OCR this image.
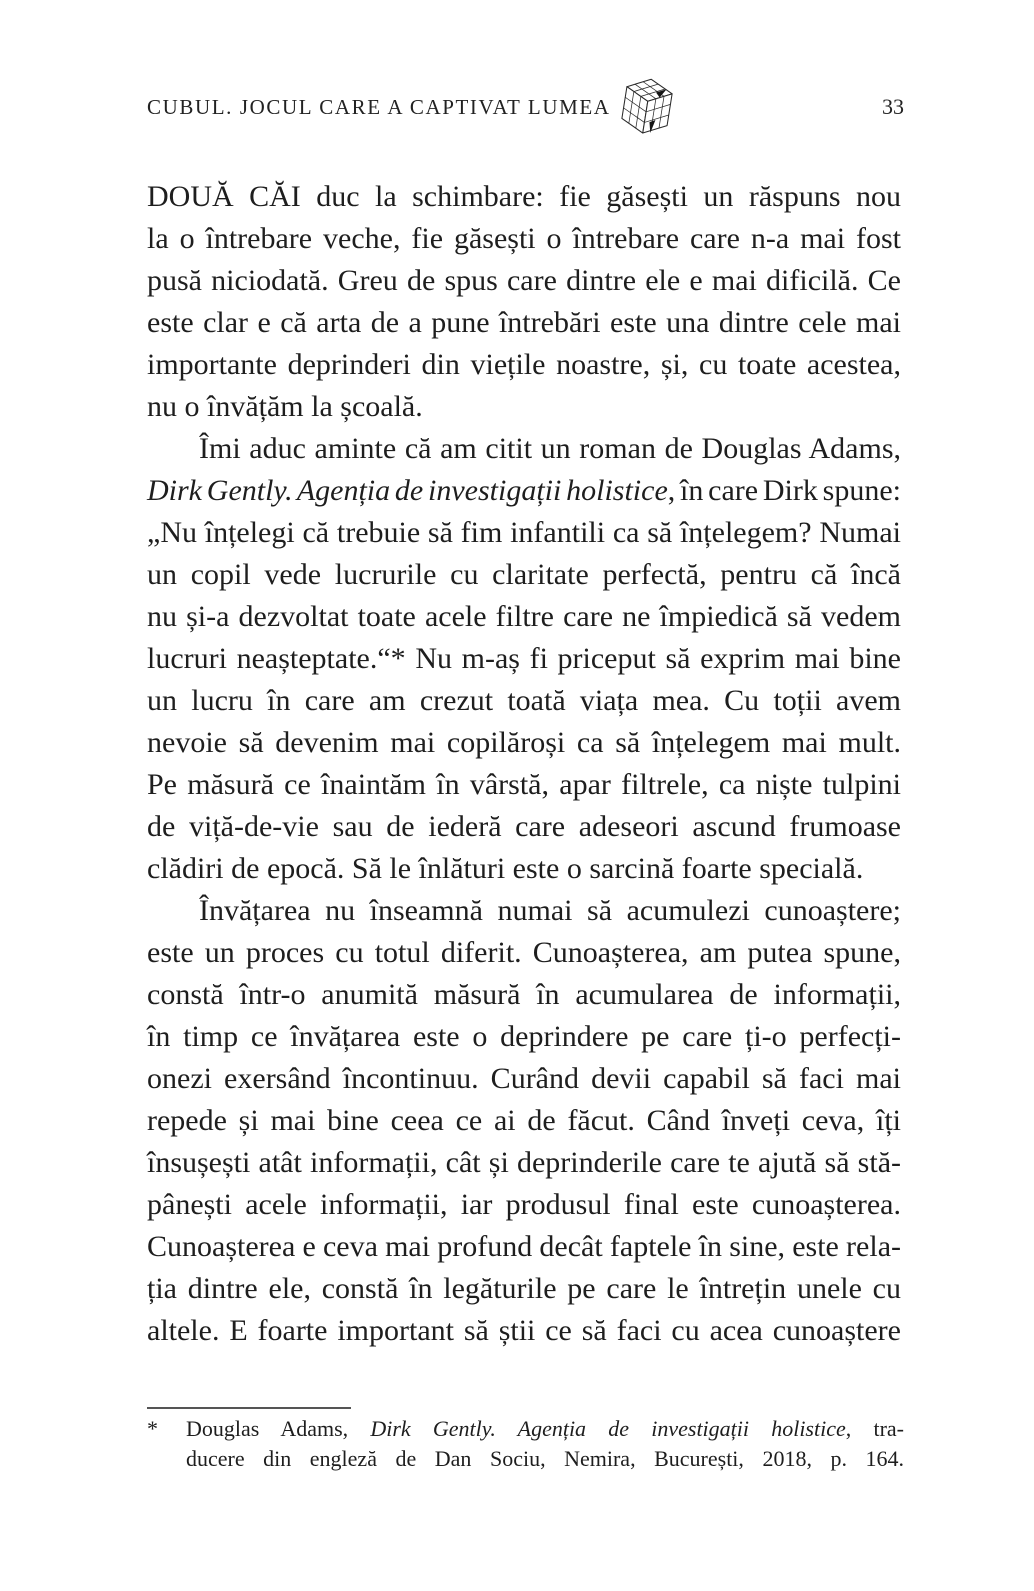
CUBUL. JOCUL CARE A CAPTIVAT LUMEA	33
DOUĂ CĂI duc la schimbare: fie găsești un răspuns nou
la o întrebare veche, fie găsești o întrebare care n-a mai fost
pusă niciodată. Greu de spus care dintre ele e mai dificilă. Ce
este clar e că arta de a pune întrebări este una dintre cele mai
importante deprinderi din viețile noastre, și, cu toate acestea,
nu o învățăm la școală.
Îmi aduc aminte că am citit un roman de Douglas Adams,
Dirk Gently. Agenția de investigații holistice, în care Dirk spune:
„Nu înțelegi că trebuie să fim infantili ca să înțelegem? Numai
un copil vede lucrurile cu claritate perfectă, pentru că încă
nu și-a dezvoltat toate acele filtre care ne împiedică să vedem
lucruri neașteptate.“* Nu m-aș fi priceput să exprim mai bine
un lucru în care am crezut toată viața mea. Cu toții avem
nevoie să devenim mai copilăroși ca să înțelegem mai mult.
Pe măsură ce înaintăm în vârstă, apar filtrele, ca niște tulpini
de viță-de-vie sau de iederă care adeseori ascund frumoase
clădiri de epocă. Să le înlături este o sarcină foarte specială.
Învățarea nu înseamnă numai să acumulezi cunoaștere;
este un proces cu totul diferit. Cunoașterea, am putea spune,
constă într-o anumită măsură în acumularea de informații,
în timp ce învățarea este o deprindere pe care ți-o perfecți-
onezi exersând încontinuu. Curând devii capabil să faci mai
repede și mai bine ceea ce ai de făcut. Când înveți ceva, îți
însușești atât informații, cât și deprinderile care te ajută să stă-
pânești acele informații, iar produsul final este cunoașterea.
Cunoașterea e ceva mai profund decât faptele în sine, este rela-
ția dintre ele, constă în legăturile pe care le întrețin unele cu
altele. E foarte important să știi ce să faci cu acea cunoaștere
*	Douglas Adams, Dirk Gently. Agenția de investigații holistice, tra-
ducere din engleză de Dan Sociu, Nemira, București, 2018, p. 164.
